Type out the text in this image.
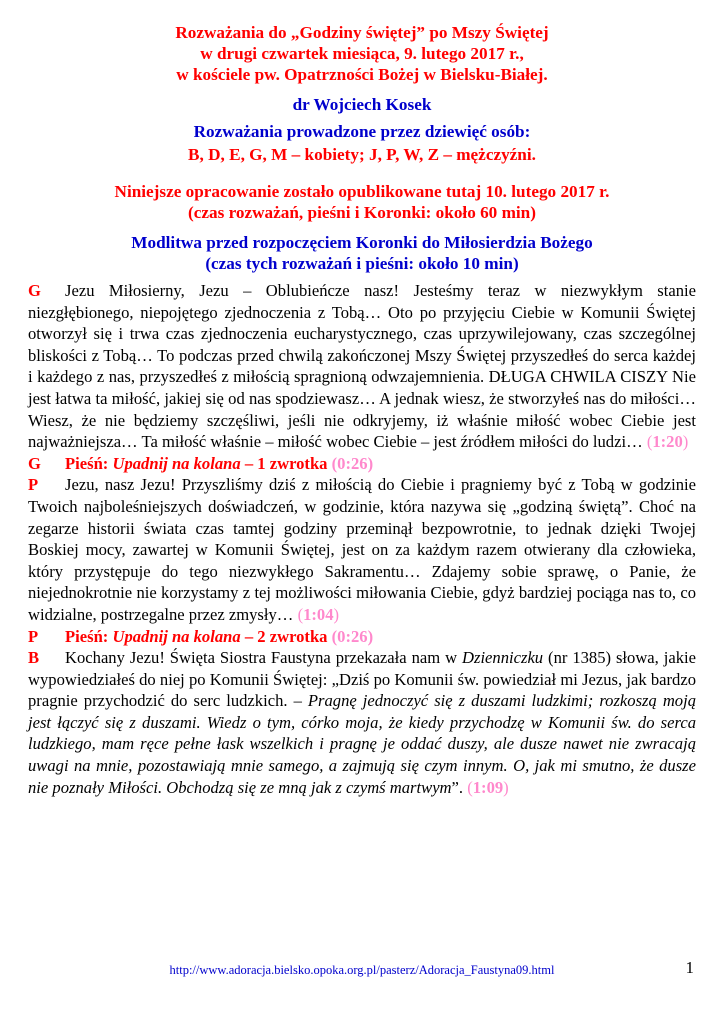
Rozważania do „Godziny świętej” po Mszy Świętej
w drugi czwartek miesiąca, 9. lutego 2017 r.,
w kościele pw. Opatrzności Bożej w Bielsku-Białej.
dr Wojciech Kosek
Rozważania prowadzone przez dziewięć osób:
B, D, E, G, M – kobiety; J, P, W, Z – mężczyźni.
Niniejsze opracowanie zostało opublikowane tutaj 10. lutego 2017 r.
(czas rozważań, pieśni i Koronki: około 60 min)
Modlitwa przed rozpoczęciem Koronki do Miłosierdzia Bożego
(czas tych rozważań i pieśni: około 10 min)

G Jezu Miłosierny, Jezu – Oblubieńcze nasz! Jesteśmy teraz w niezwykłym stanie niezgłębionego, niepojętego zjednoczenia z Tobą… Oto po przyjęciu Ciebie w Komunii Świętej otworzył się i trwa czas zjednoczenia eucharystycznego, czas uprzywilejowany, czas szczególnej bliskości z Tobą… To podczas przed chwilą zakończonej Mszy Świętej przyszedłeś do serca każdej i każdego z nas, przyszedłeś z miłością spragnioną odwzajemnienia. DŁUGA CHWILA CISZY Nie jest łatwa ta miłość, jakiej się od nas spodziewasz… A jednak wiesz, że stworzyłeś nas do miłości… Wiesz, że nie będziemy szczęśliwi, jeśli nie odkryjemy, iż właśnie miłość wobec Ciebie jest najważniejsza… Ta miłość właśnie – miłość wobec Ciebie – jest źródłem miłości do ludzi… (1:20)

G Pieśń: Upadnij na kolana – 1 zwrotka (0:26)

P Jezu, nasz Jezu! Przyszliśmy dziś z miłością do Ciebie i pragniemy być z Tobą w godzinie Twoich najboleśniejszych doświadczeń, w godzinie, która nazywa się „godziną świętą”. Choć na zegarze historii świata czas tamtej godziny przeminął bezpowrotnie, to jednak dzięki Twojej Boskiej mocy, zawartej w Komunii Świętej, jest on za każdym razem otwierany dla człowieka, który przystępuje do tego niezwykłego Sakramentu… Zdajemy sobie sprawę, o Panie, że niejednokrotnie nie korzystamy z tej możliwości miłowania Ciebie, gdyż bardziej pociąga nas to, co widzialne, postrzegalne przez zmysły… (1:04)

P Pieśń: Upadnij na kolana – 2 zwrotka (0:26)

B Kochany Jezu! Święta Siostra Faustyna przekazała nam w Dzienniczku (nr 1385) słowa, jakie wypowiedziałeś do niej po Komunii Świętej: „Dziś po Komunii św. powiedział mi Jezus, jak bardzo pragnie przychodzić do serc ludzkich. – Pragnę jednoczyć się z duszami ludzkimi; rozkoszą moją jest łączyć się z duszami. Wiedz o tym, córko moja, że kiedy przychodzę w Komunii św. do serca ludzkiego, mam ręce pełne łask wszelkich i pragnę je oddać duszy, ale dusze nawet nie zwracają uwagi na mnie, pozostawiają mnie samego, a zajmują się czym innym. O, jak mi smutno, że dusze nie poznały Miłości. Obchodzą się ze mną jak z czymś martwym”. (1:09)

http://www.adoracja.bielsko.opoka.org.pl/pasterz/Adoracja_Faustyna09.html	1
